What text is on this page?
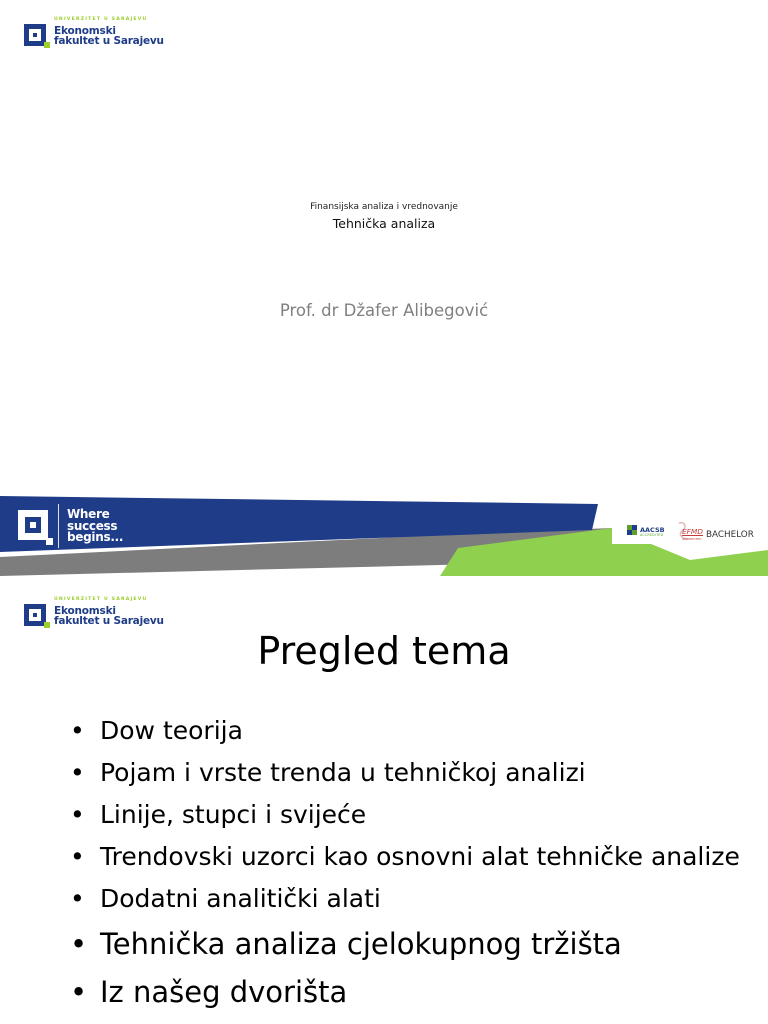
UNIVERZITET U SARAJEVU
Ekonomski
fakultet u Sarajevu
Finansijska analiza i vrednovanje
Tehnička analiza
Prof. dr Džafer Alibegović
Where
success
begins...	AACSB
ACCREDITED	EFMD
ACCREDITED BACHELOR
UNIVERZITET U SARAJEVU
Ekonomski
fakultet u Sarajevu
Pregled tema
• Dow teorija
• Pojam i vrste trenda u tehničkoj analizi
• Linije, stupci i svijeće
• Trendovski uzorci kao osnovni alat tehničke analize
• Dodatni analitički alati
• Tehnička analiza cjelokupnog tržišta
• Iz našeg dvorišta
